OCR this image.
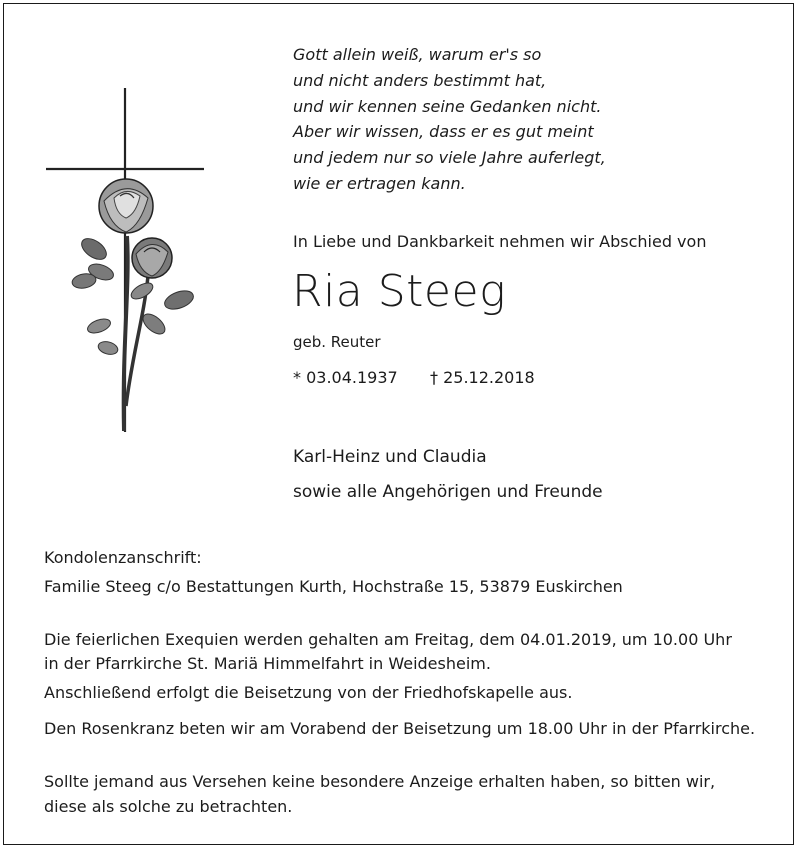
Gott allein weiß, warum er's so
und nicht anders bestimmt hat,
und wir kennen seine Gedanken nicht.
Aber wir wissen, dass er es gut meint
und jedem nur so viele Jahre auferlegt,
wie er ertragen kann.
In Liebe und Dankbarkeit nehmen wir Abschied von
Ria Steeg
geb. Reuter
* 03.04.1937 † 25.12.2018
Karl-Heinz und Claudia
sowie alle Angehörigen und Freunde
Kondolenzanschrift:
Familie Steeg c/o Bestattungen Kurth, Hochstraße 15, 53879 Euskirchen
Die feierlichen Exequien werden gehalten am Freitag, dem 04.01.2019, um 10.00 Uhr
in der Pfarrkirche St. Mariä Himmelfahrt in Weidesheim.
Anschließend erfolgt die Beisetzung von der Friedhofskapelle aus.
Den Rosenkranz beten wir am Vorabend der Beisetzung um 18.00 Uhr in der Pfarrkirche.
Sollte jemand aus Versehen keine besondere Anzeige erhalten haben, so bitten wir,
diese als solche zu betrachten.
